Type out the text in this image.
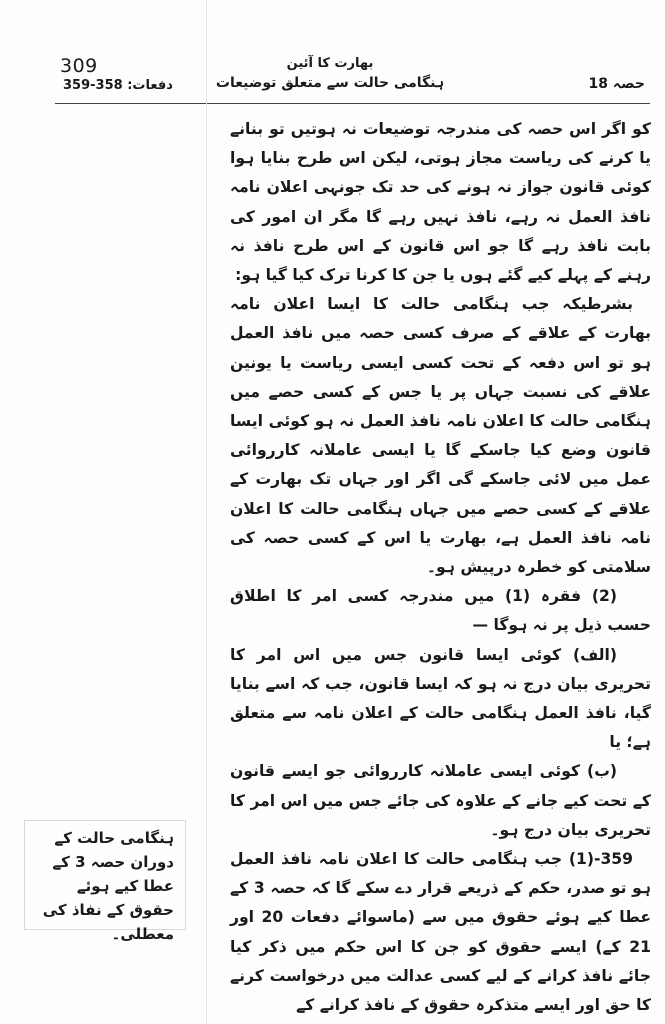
309	بھارت کا آئین
ہنگامی حالت سے متعلق توضیعات	حصہ 18
دفعات: 358-359

کو اگر اس حصہ کی مندرجہ توضیعات نہ ہوتیں تو بنانے یا کرنے کی ریاست مجاز ہوتی، لیکن اس طرح بنایا ہوا کوئی قانون جواز نہ ہونے کی حد تک جونہی اعلان نامہ نافذ العمل نہ رہے، نافذ نہیں رہے گا مگر ان امور کی بابت نافذ رہے گا جو اس قانون کے اس طرح نافذ نہ رہنے کے پہلے کیے گئے ہوں یا جن کا کرنا ترک کیا گیا ہو:

بشرطیکہ جب ہنگامی حالت کا ایسا اعلان نامہ بھارت کے علاقے کے صرف کسی حصہ میں نافذ العمل ہو تو اس دفعہ کے تحت کسی ایسی ریاست یا یونین علاقے کی نسبت جہاں پر یا جس کے کسی حصے میں ہنگامی حالت کا اعلان نامہ نافذ العمل نہ ہو کوئی ایسا قانون وضع کیا جاسکے گا یا ایسی عاملانہ کارروائی عمل میں لائی جاسکے گی اگر اور جہاں تک بھارت کے علاقے کے کسی حصے میں جہاں ہنگامی حالت کا اعلان نامہ نافذ العمل ہے، بھارت یا اس کے کسی حصہ کی سلامتی کو خطرہ درپیش ہو۔

(2) فقرہ (1) میں مندرجہ کسی امر کا اطلاق حسب ذیل پر نہ ہوگا —

(الف) کوئی ایسا قانون جس میں اس امر کا تحریری بیان درج نہ ہو کہ ایسا قانون، جب کہ اسے بنایا گیا، نافذ العمل ہنگامی حالت کے اعلان نامہ سے متعلق ہے؛ یا

(ب) کوئی ایسی عاملانہ کارروائی جو ایسے قانون کے تحت کیے جانے کے علاوہ کی جائے جس میں اس امر کا تحریری بیان درج ہو۔

359-(1) جب ہنگامی حالت کا اعلان نامہ نافذ العمل ہو تو صدر، حکم کے ذریعے قرار دے سکے گا کہ حصہ 3 کے عطا کیے ہوئے حقوق میں سے (ماسوائے دفعات 20 اور 21 کے) ایسے حقوق کو جن کا اس حکم میں ذکر کیا جائے نافذ کرانے کے لیے کسی عدالت میں درخواست کرنے کا حق اور ایسے متذکرہ حقوق کے نافذ کرانے کے

ہنگامی حالت کے دوران حصہ 3 کے عطا کیے ہوئے حقوق کے نفاذ کی معطلی۔
